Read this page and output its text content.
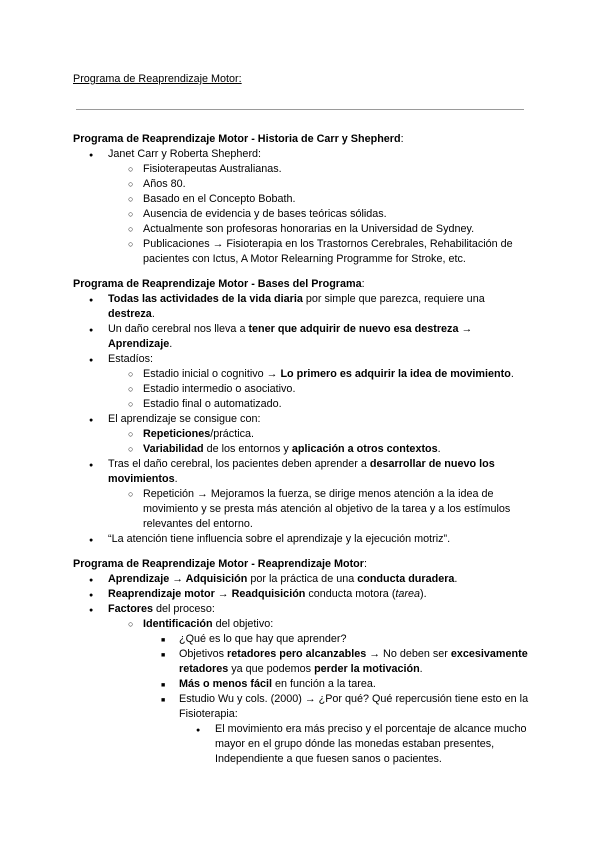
Programa de Reaprendizaje Motor:

Programa de Reaprendizaje Motor - Historia de Carr y Shepherd:

● Janet Carr y Roberta Shepherd:
○ Fisioterapeutas Australianas.
○ Años 80.
○ Basado en el Concepto Bobath.
○ Ausencia de evidencia y de bases teóricas sólidas.
○ Actualmente son profesoras honorarias en la Universidad de Sydney.
○ Publicaciones → Fisioterapia en los Trastornos Cerebrales, Rehabilitación de pacientes con Ictus, A Motor Relearning Programme for Stroke, etc.

Programa de Reaprendizaje Motor - Bases del Programa:

● Todas las actividades de la vida diaria por simple que parezca, requiere una destreza.
● Un daño cerebral nos lleva a tener que adquirir de nuevo esa destreza → Aprendizaje.
● Estadíos:
○ Estadio inicial o cognitivo → Lo primero es adquirir la idea de movimiento.
○ Estadio intermedio o asociativo.
○ Estadio final o automatizado.
● El aprendizaje se consigue con:
○ Repeticiones/práctica.
○ Variabilidad de los entornos y aplicación a otros contextos.
● Tras el daño cerebral, los pacientes deben aprender a desarrollar de nuevo los movimientos.
○ Repetición → Mejoramos la fuerza, se dirige menos atención a la idea de movimiento y se presta más atención al objetivo de la tarea y a los estímulos relevantes del entorno.
● “La atención tiene influencia sobre el aprendizaje y la ejecución motriz”.

Programa de Reaprendizaje Motor - Reaprendizaje Motor:

● Aprendizaje → Adquisición por la práctica de una conducta duradera.
● Reaprendizaje motor → Readquisición conducta motora (tarea).
● Factores del proceso:
○ Identificación del objetivo:
■ ¿Qué es lo que hay que aprender?
■ Objetivos retadores pero alcanzables → No deben ser excesivamente retadores ya que podemos perder la motivación.
■ Más o menos fácil en función a la tarea.
■ Estudio Wu y cols. (2000) → ¿Por qué? Qué repercusión tiene esto en la Fisioterapia:
● El movimiento era más preciso y el porcentaje de alcance mucho mayor en el grupo dónde las monedas estaban presentes, Independiente a que fuesen sanos o pacientes.
